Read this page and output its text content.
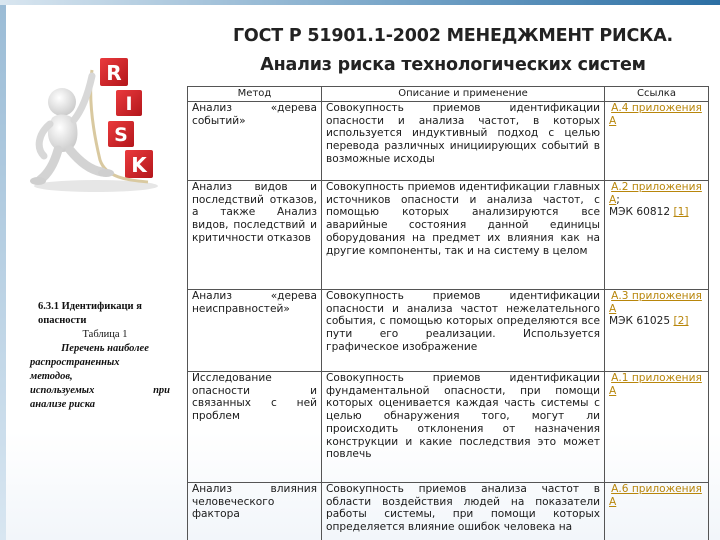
ГОСТ Р 51901.1-2002 МЕНЕДЖМЕНТ РИСКА.
Анализ риска технологических систем
R
I
S
K
6.3.1 Идентификаци я опасности
Таблица 1
Перечень наиболее
распространенных
методов,
используемых	при
анализе риска
Метод	Описание и применение	Ссылка
Анализ «дерева событий»	Совокупность приемов идентификации опасности и анализа частот, в которых используется индуктивный подход с целью перевода различных инициирующих событий в возможные исходы	А.4 приложения А
Анализ видов и последствий отказов, а также Анализ видов, последствий и критичности отказов	Совокупность приемов идентификации главных источников опасности и анализа частот, с помощью которых анализируются все аварийные состояния данной единицы оборудования на предмет их влияния как на другие компоненты, так и на систему в целом	А.2 приложения А;
МЭК 60812 [1]
Анализ «дерева неисправностей»	Совокупность приемов идентификации опасности и анализа частот нежелательного события, с помощью которых определяются все пути его реализации. Используется графическое изображение	А.3 приложения А
МЭК 61025 [2]
Исследование опасности и связанных с ней проблем	Совокупность приемов идентификации фундаментальной опасности, при помощи которых оценивается каждая часть системы с целью обнаружения того, могут ли происходить отклонения от назначения конструкции и какие последствия это может повлечь	А.1 приложения А
Анализ влияния человеческого фактора	Совокупность приемов анализа частот в области воздействия людей на показатели работы системы, при помощи которых определяется влияние ошибок человека на	А.6 приложения А
